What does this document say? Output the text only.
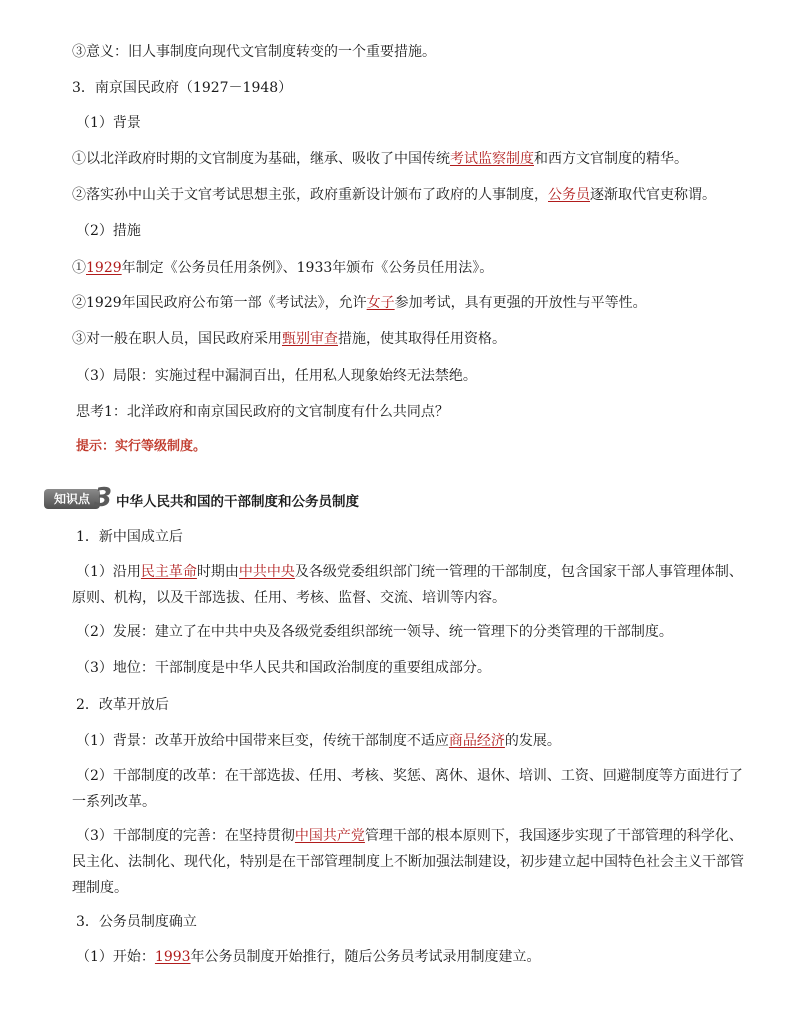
③意义：旧人事制度向现代文官制度转变的一个重要措施。
3．南京国民政府（1927－1948）
（1）背景
①以北洋政府时期的文官制度为基础，继承、吸收了中国传统考试监察制度和西方文官制度的精华。
②落实孙中山关于文官考试思想主张，政府重新设计颁布了政府的人事制度，公务员逐渐取代官吏称谓。
（2）措施
①1929年制定《公务员任用条例》、1933年颁布《公务员任用法》。
②1929年国民政府公布第一部《考试法》，允许女子参加考试，具有更强的开放性与平等性。
③对一般在职人员，国民政府采用甄别审查措施，使其取得任用资格。
（3）局限：实施过程中漏洞百出，任用私人现象始终无法禁绝。
思考1：北洋政府和南京国民政府的文官制度有什么共同点？
提示：实行等级制度。
知识点 3 中华人民共和国的干部制度和公务员制度
1．新中国成立后
（1）沿用民主革命时期由中共中央及各级党委组织部门统一管理的干部制度，包含国家干部人事管理体制、原则、机构，以及干部选拔、任用、考核、监督、交流、培训等内容。
（2）发展：建立了在中共中央及各级党委组织部统一领导、统一管理下的分类管理的干部制度。
（3）地位：干部制度是中华人民共和国政治制度的重要组成部分。
2．改革开放后
（1）背景：改革开放给中国带来巨变，传统干部制度不适应商品经济的发展。
（2）干部制度的改革：在干部选拔、任用、考核、奖惩、离休、退休、培训、工资、回避制度等方面进行了一系列改革。
（3）干部制度的完善：在坚持贯彻中国共产党管理干部的根本原则下，我国逐步实现了干部管理的科学化、民主化、法制化、现代化，特别是在干部管理制度上不断加强法制建设，初步建立起中国特色社会主义干部管理制度。
3．公务员制度确立
（1）开始：1993年公务员制度开始推行，随后公务员考试录用制度建立。
